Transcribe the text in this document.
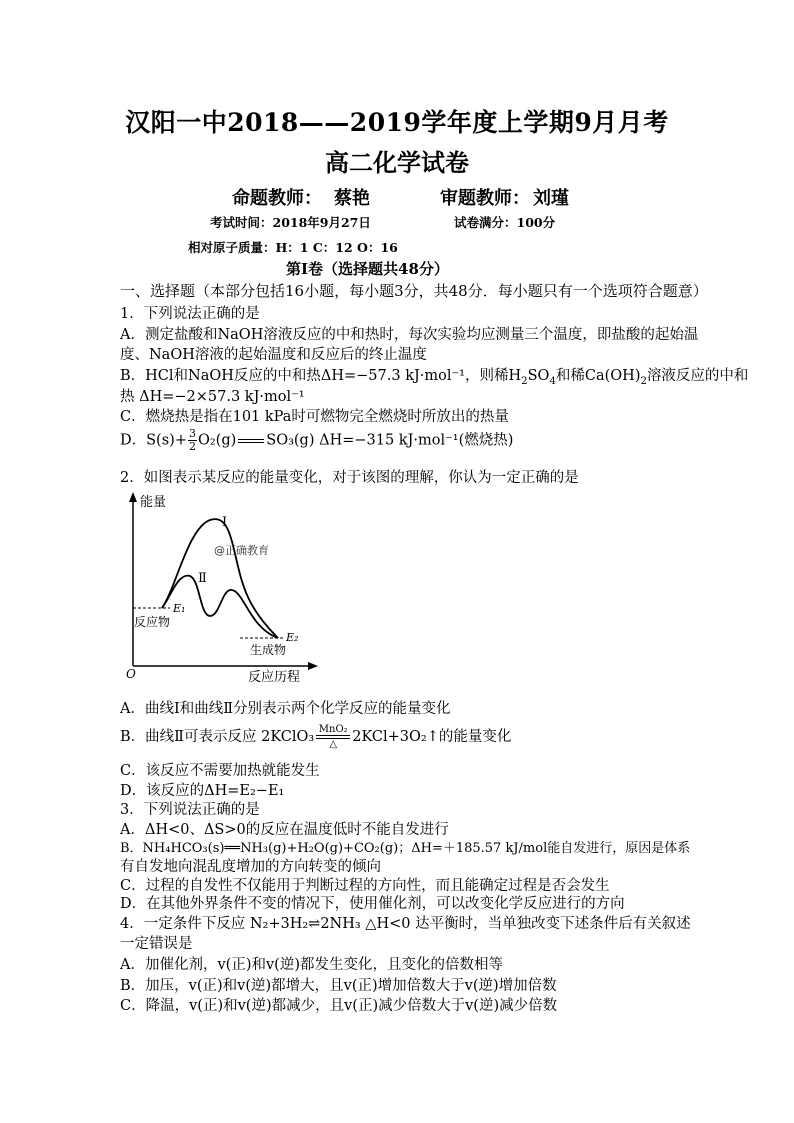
汉阳一中2018——2019学年度上学期9月月考
高二化学试卷
命题教师： 蔡艳	审题教师： 刘瑾
考试时间：2018年9月27日	试卷满分：100分
相对原子质量：H：1 C：12 O：16
第Ⅰ卷（选择题共48分）
一、选择题（本部分包括16小题，每小题3分，共48分．每小题只有一个选项符合题意）
1．下列说法正确的是
A．测定盐酸和NaOH溶液反应的中和热时，每次实验均应测量三个温度，即盐酸的起始温
度、NaOH溶液的起始温度和反应后的终止温度
B．HCl和NaOH反应的中和热ΔH=−57.3 kJ·mol⁻¹，则稀$H_2SO_4$和稀$Ca(OH)_2$溶液反应的中和
热 ΔH=−2×57.3 kJ·mol⁻¹
C．燃烧热是指在101 kPa时可燃物完全燃烧时所放出的热量
D．$S(s)+ \frac{3}{2} O_2(g)$ SO₃(g) ΔH=−315 kJ·mol⁻¹(燃烧热)
2．如图表示某反应的能量变化，对于该图的理解，你认为一定正确的是
能量
反应历程
O
Ⅰ
Ⅱ
E₁
E₂
反应物
生成物
@正确教育
A．曲线Ⅰ和曲线Ⅱ分别表示两个化学反应的能量变化
B．曲线Ⅱ可表示反应 2KClO₃ MnO₂
△	2KCl+3O₂↑的能量变化
C．该反应不需要加热就能发生
D．该反应的ΔH=E₂−E₁
3．下列说法正确的是
A．ΔH<0、ΔS>0的反应在温度低时不能自发进行
B．NH₄HCO₃(s)══NH₃(g)+H₂O(g)+CO₂(g)；ΔH=＋185.57 kJ/mol能自发进行，原因是体系
有自发地向混乱度增加的方向转变的倾向
C．过程的自发性不仅能用于判断过程的方向性，而且能确定过程是否会发生
D．在其他外界条件不变的情况下，使用催化剂，可以改变化学反应进行的方向
4．一定条件下反应 N₂+3H₂⇌2NH₃ △H<0 达平衡时，当单独改变下述条件后有关叙述
一定错误是
A．加催化剂，v(正)和v(逆)都发生变化，且变化的倍数相等
B．加压，v(正)和v(逆)都增大，且v(正)增加倍数大于v(逆)增加倍数
C．降温，v(正)和v(逆)都减少，且v(正)减少倍数大于v(逆)减少倍数
